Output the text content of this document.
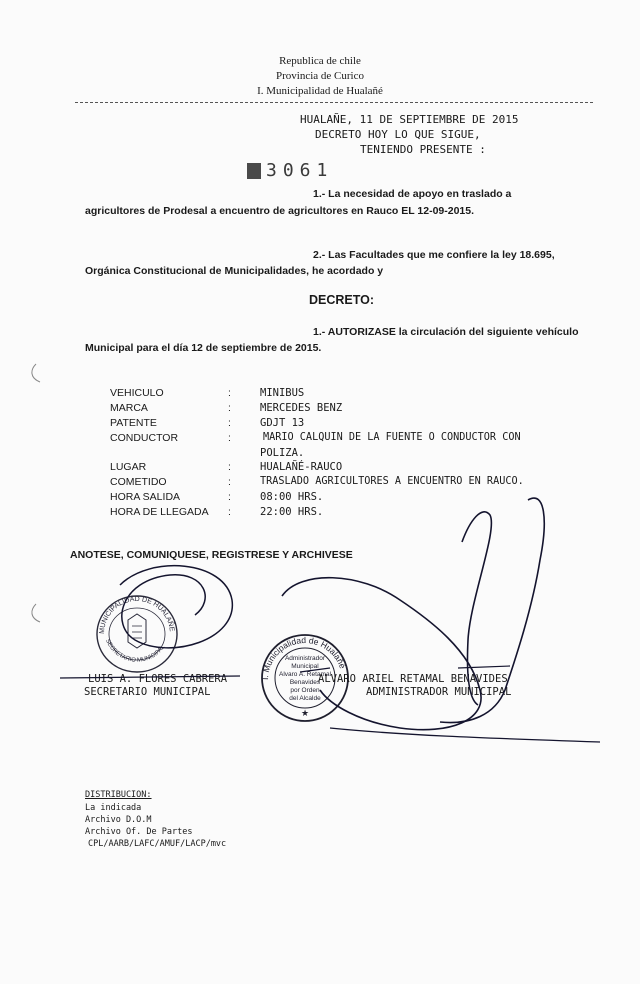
Republica de chile
Provincia de Curico
I. Municipalidad de Hualañé
HUALAÑE, 11 DE SEPTIEMBRE DE 2015
DECRETO HOY LO QUE SIGUE,
TENIENDO PRESENTE :
3061
1.- La necesidad de apoyo en traslado a
agricultores de Prodesal a encuentro de agricultores en Rauco EL 12-09-2015.
2.- Las Facultades que me confiere la ley 18.695,
Orgánica Constitucional de Municipalidades, he acordado y
DECRETO:
1.- AUTORIZASE la circulación del siguiente vehículo
Municipal para el día 12 de septiembre de 2015.
VEHICULO	:	MINIBUS
MARCA	:	MERCEDES BENZ
PATENTE	:	GDJT 13
CONDUCTOR	:	MARIO CALQUIN DE LA FUENTE O CONDUCTOR CON
POLIZA.
LUGAR	:	HUALAÑÉ-RAUCO
COMETIDO	:	TRASLADO AGRICULTORES A ENCUENTRO EN RAUCO.
HORA SALIDA	:	08:00 HRS.
HORA DE LLEGADA :	22:00 HRS.
ANOTESE, COMUNIQUESE, REGISTRESE Y ARCHIVESE
MUNICIPALIDAD DE HUALAÑE
SECRETARIO MUNICIPAL
I. Municipalidad de Hualañé
Administrador
Municipal
Alvaro A. Retamal
Benavides
por Orden
del Alcalde
★
LUIS A. FLORES CABRERA
SECRETARIO MUNICIPAL
ALVARO ARIEL RETAMAL BENAVIDES
ADMINISTRADOR MUNICIPAL
DISTRIBUCION:
La indicada
Archivo D.O.M
Archivo Of. De Partes
CPL/AARB/LAFC/AMUF/LACP/mvc
